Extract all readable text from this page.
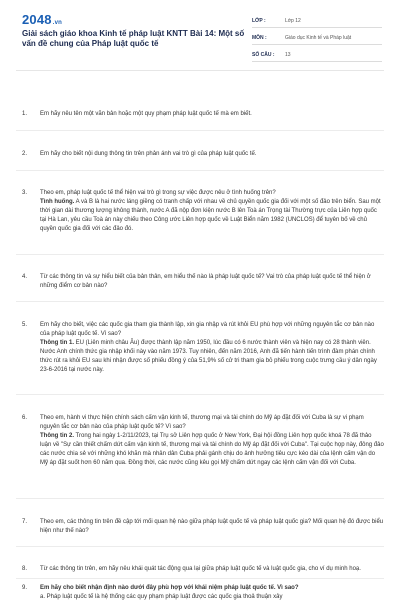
2048.vn
Giải sách giáo khoa Kinh tế pháp luật KNTT Bài 14: Một số vấn đề chung của Pháp luật quốc tế
LỚP :	Lớp 12
MÔN :	Giáo dục Kinh tế và Pháp luật
SỐ CÂU :	13
1.	Em hãy nêu tên một văn bản hoặc một quy phạm pháp luật quốc tế mà em biết.
2.	Em hãy cho biết nội dung thông tin trên phản ánh vai trò gì của pháp luật quốc tế.
3.	Theo em, pháp luật quốc tế thể hiện vai trò gì trong sự việc được nêu ở tình huống trên?
Tình huống. A và B là hai nước láng giềng có tranh chấp với nhau về chủ quyền quốc gia đối với một số đảo trên biển. Sau một thời gian dài thương lượng không thành, nước A đã nộp đơn kiện nước B lên Toà án Trọng tài Thường trực của Liên hợp quốc tại Hà Lan, yêu cầu Toà án này chiếu theo Công ước Liên hợp quốc về Luật Biển năm 1982 (UNCLOS) để tuyên bố về chủ quyền quốc gia đối với các đảo đó.
4.	Từ các thông tin và sự hiểu biết của bản thân, em hiểu thế nào là pháp luật quốc tế? Vai trò của pháp luật quốc tế thể hiện ở những điểm cơ bản nào?
5.	Em hãy cho biết, việc các quốc gia tham gia thành lập, xin gia nhập và rút khỏi EU phù hợp với những nguyên tắc cơ bản nào của pháp luật quốc tế. Vì sao?
Thông tin 1. EU (Liên minh châu Âu) được thành lập năm 1950, lúc đầu có 6 nước thành viên và hiện nay có 28 thành viên. Nước Anh chính thức gia nhập khối này vào năm 1973. Tuy nhiên, đến năm 2016, Anh đã tiến hành tiến trình đàm phán chính thức rút ra khỏi EU sau khi nhận được số phiếu đồng ý của 51,9% số cử tri tham gia bỏ phiếu trong cuộc trưng cầu ý dân ngày 23-6-2016 tại nước này.
6.	Theo em, hành vi thực hiện chính sách cấm vận kinh tế, thương mại và tài chính do Mỹ áp đặt đối với Cuba là sự vi phạm nguyên tắc cơ bản nào của pháp luật quốc tế? Vì sao?
Thông tin 2. Trong hai ngày 1-2/11/2023, tại Trụ sở Liên hợp quốc ở New York, Đại hội đồng Liên hợp quốc khoá 78 đã thảo luận về "Sự cần thiết chấm dứt cấm vận kinh tế, thương mại và tài chính do Mỹ áp đặt đối với Cuba". Tại cuộc họp này, đông đảo các nước chia sẻ với những khó khăn mà nhân dân Cuba phải gánh chịu do ảnh hưởng tiêu cực kéo dài của lệnh cấm vận do Mỹ áp đặt suốt hơn 60 năm qua. Đồng thời, các nước cũng kêu gọi Mỹ chấm dứt ngay các lệnh cấm vận đối với Cuba.
7.	Theo em, các thông tin trên đề cập tới mối quan hệ nào giữa pháp luật quốc tế và pháp luật quốc gia? Mối quan hệ đó được biểu hiện như thế nào?
8.	Từ các thông tin trên, em hãy nêu khái quát tác động qua lại giữa pháp luật quốc tế và luật quốc gia, cho ví dụ minh hoạ.
9.	Em hãy cho biết nhận định nào dưới đây phù hợp với khái niệm pháp luật quốc tế. Vì sao?
a. Pháp luật quốc tế là hệ thống các quy phạm pháp luật được các quốc gia thoả thuận xây
